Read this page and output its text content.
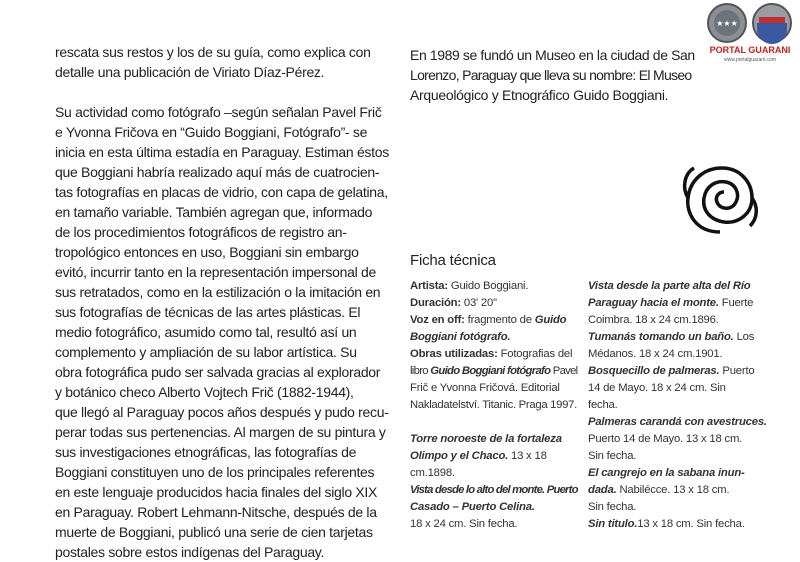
rescata sus restos y los de su guía, como explica con
detalle una publicación de Viriato Díaz-Pérez.
Su actividad como fotógrafo –según señalan Pavel Frič
e Yvonna Fričova en “Guido Boggiani, Fotógrafo”- se
inicia en esta última estadía en Paraguay. Estiman éstos
que Boggiani habría realizado aquí más de cuatrocien-
tas fotografías en placas de vidrio, con capa de gelatina,
en tamaño variable. También agregan que, informado
de los procedimientos fotográficos de registro an-
tropológico entonces en uso, Boggiani sin embargo
evitó, incurrir tanto en la representación impersonal de
sus retratados, como en la estilización o la imitación en
sus fotografías de técnicas de las artes plásticas. El
medio fotográfico, asumido como tal, resultó así un
complemento y ampliación de su labor artística. Su
obra fotográfica pudo ser salvada gracias al explorador
y botánico checo Alberto Vojtech Frič (1882-1944),
que llegó al Paraguay pocos años después y pudo recu-
perar todas sus pertenencias. Al margen de su pintura y
sus investigaciones etnográficas, las fotografías de
Boggiani constituyen uno de los principales referentes
en este lenguaje producidos hacia finales del siglo XIX
en Paraguay. Robert Lehmann-Nitsche, después de la
muerte de Boggiani, publicó una serie de cien tarjetas
postales sobre estos indígenas del Paraguay.
En 1989 se fundó un Museo en la ciudad de San
Lorenzo, Paraguay que lleva su nombre: El Museo
Arqueológico y Etnográfico Guido Boggiani.
★★★
PORTAL GUARANI
www.portalguarani.com
Ficha técnica
Artista: Guido Boggiani.
Duración: 03' 20''
Voz en off: fragmento de Guido
Boggiani fotógrafo.
Obras utilizadas: Fotografias del
libro Guido Boggiani fotógrafo Pavel
Frič e Yvonna Fričová. Editorial
Nakladatelství. Titanic. Praga 1997.
Torre noroeste de la fortaleza
Olimpo y el Chaco. 13 x 18
cm.1898.
Vista desde lo alto del monte. Puerto
Casado – Puerto Celina.
18 x 24 cm. Sin fecha.
Vista desde la parte alta del Río
Paraguay hacia el monte. Fuerte
Coimbra. 18 x 24 cm.1896.
Tumanás tomando un baño. Los
Médanos. 18 x 24 cm.1901.
Bosquecillo de palmeras. Puerto
14 de Mayo. 18 x 24 cm. Sin
fecha.
Palmeras carandá con avestruces.
Puerto 14 de Mayo. 13 x 18 cm.
Sin fecha.
El cangrejo en la sabana inun-
dada. Nabilécce. 13 x 18 cm.
Sin fecha.
Sin titulo.13 x 18 cm. Sin fecha.
